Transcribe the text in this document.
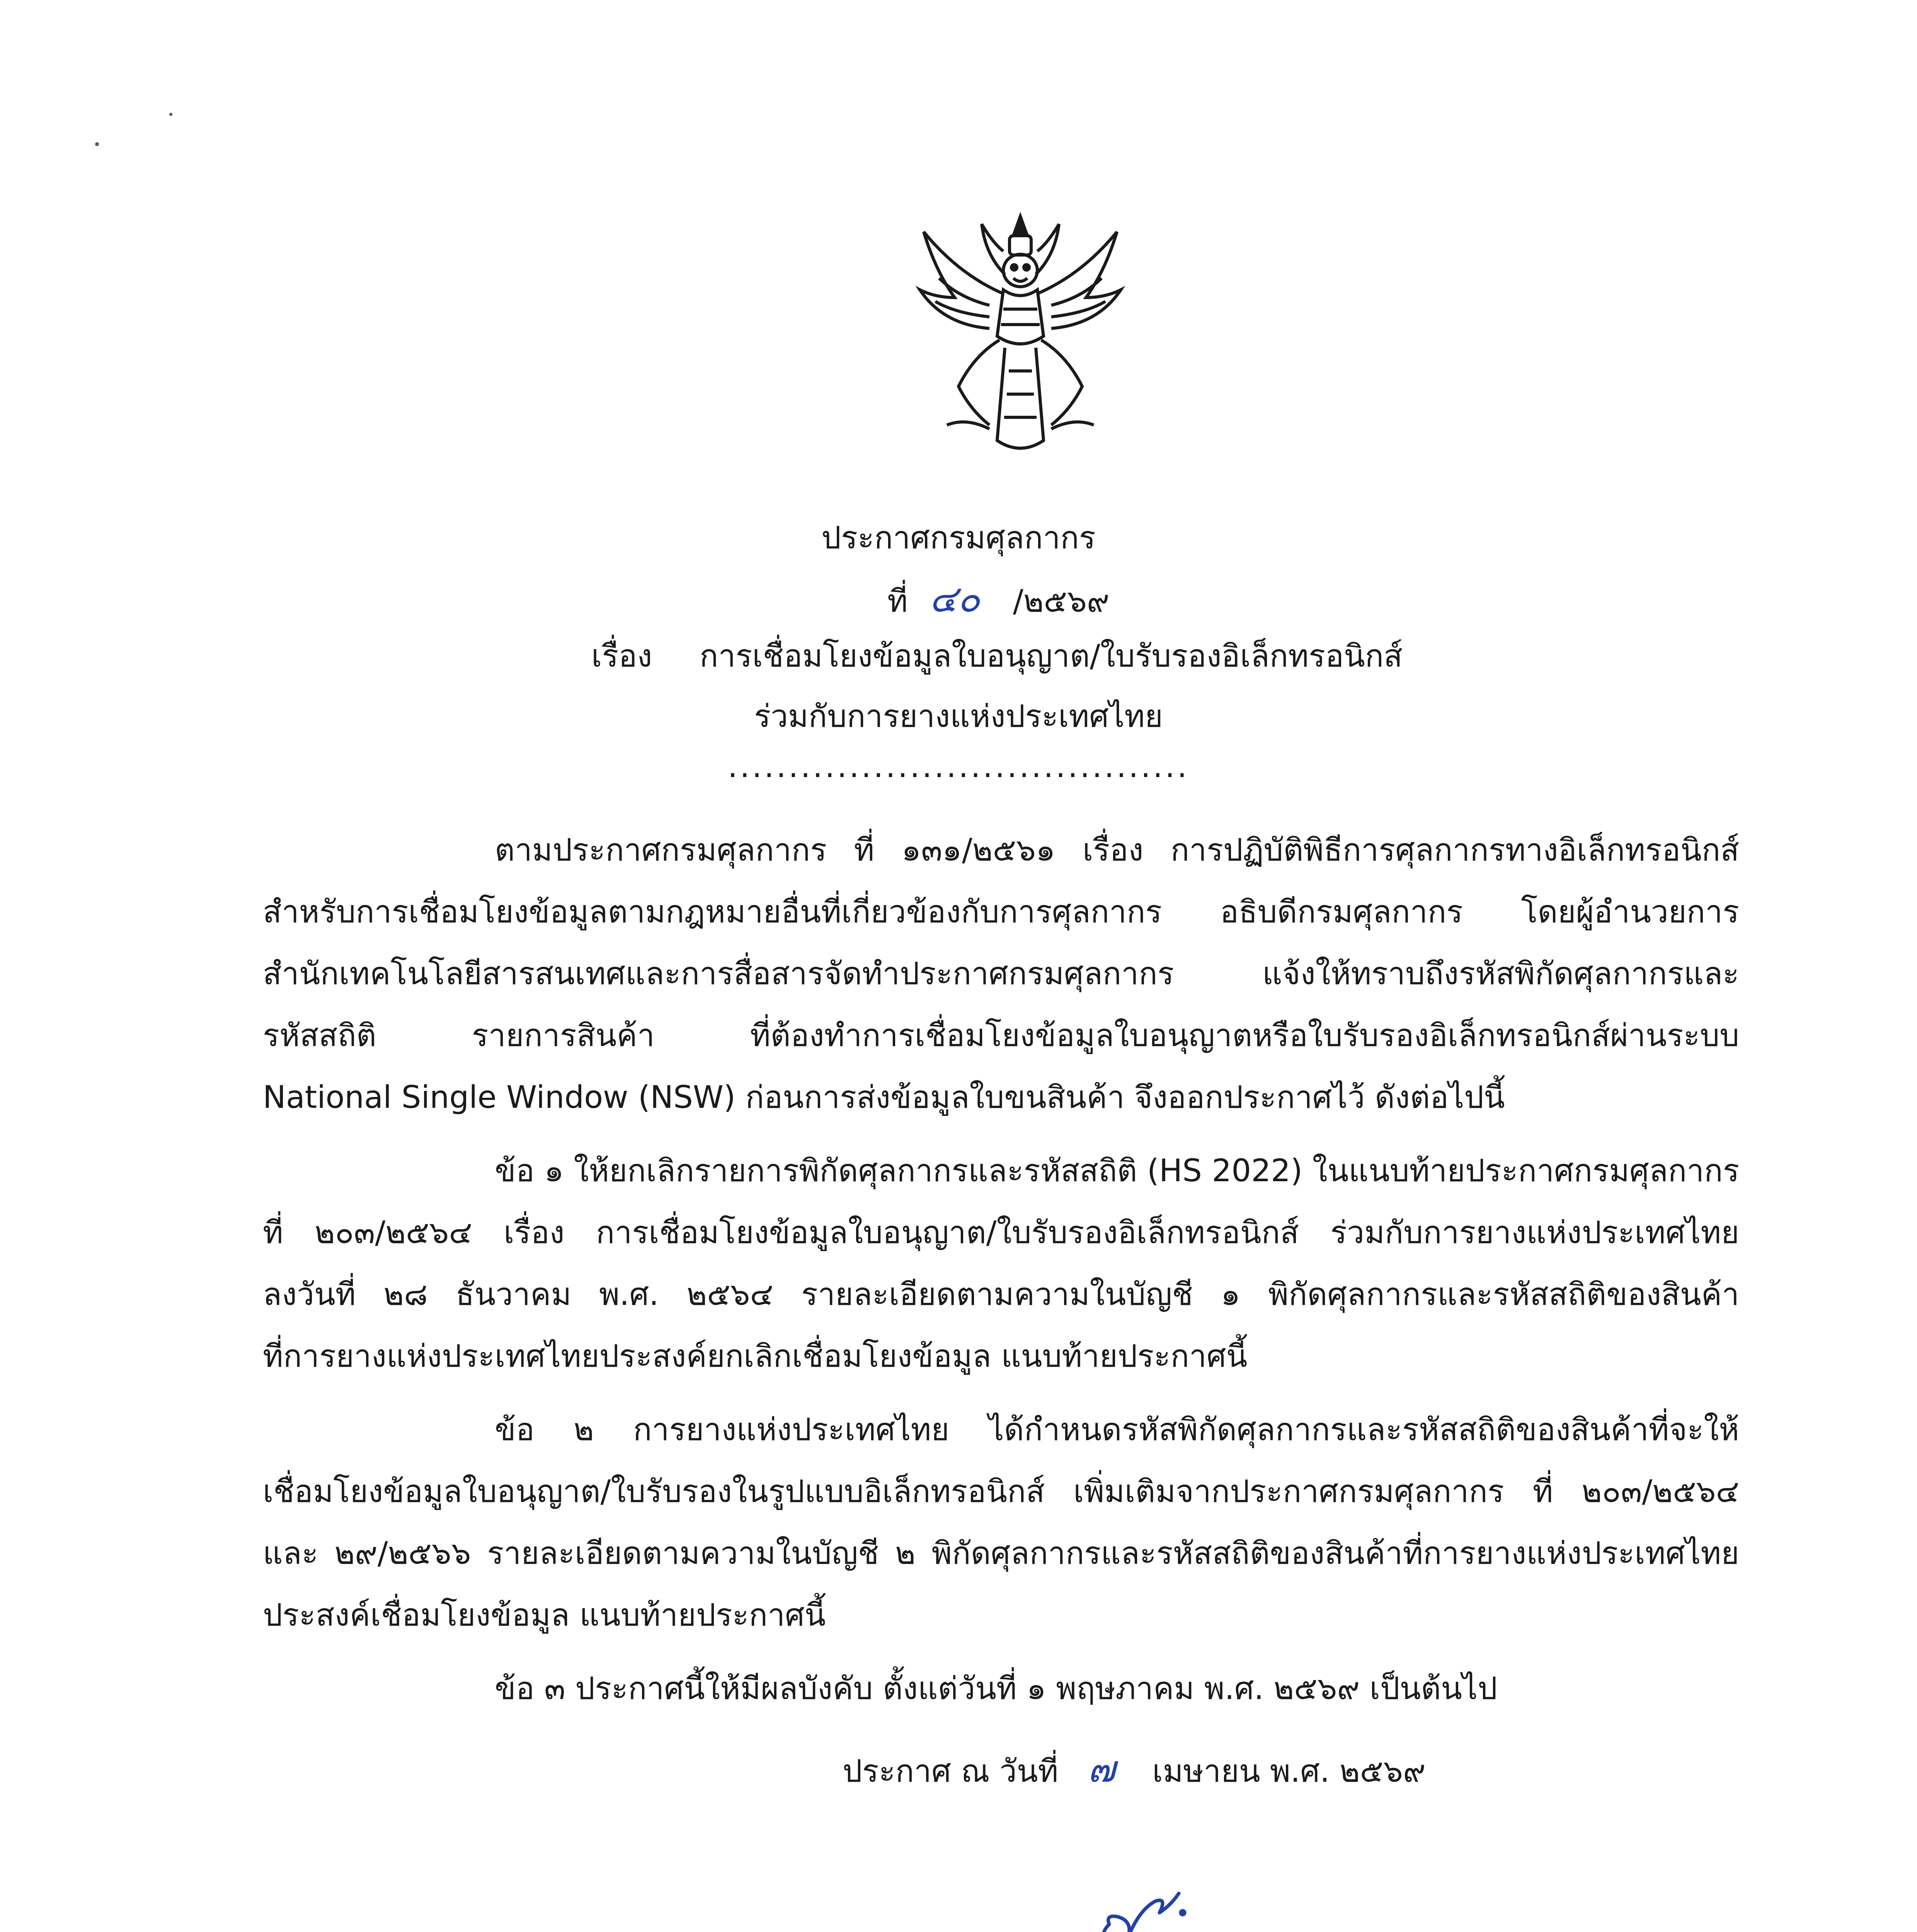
ประกาศกรมศุลกากร
ที่ ๔๐ /๒๕๖๙
เรื่อง การเชื่อมโยงข้อมูลใบอนุญาต/ใบรับรองอิเล็กทรอนิกส์
ร่วมกับการยางแห่งประเทศไทย
......................................
ตามประกาศกรมศุลกากร ที่ ๑๓๑/๒๕๖๑ เรื่อง การปฏิบัติพิธีการศุลกากรทางอิเล็กทรอนิกส์
สำหรับการเชื่อมโยงข้อมูลตามกฎหมายอื่นที่เกี่ยวข้องกับการศุลกากร อธิบดีกรมศุลกากร โดยผู้อำนวยการ
สำนักเทคโนโลยีสารสนเทศและการสื่อสารจัดทำประกาศกรมศุลกากร แจ้งให้ทราบถึงรหัสพิกัดศุลกากรและ
รหัสสถิติ รายการสินค้า ที่ต้องทำการเชื่อมโยงข้อมูลใบอนุญาตหรือใบรับรองอิเล็กทรอนิกส์ผ่านระบบ
National Single Window (NSW) ก่อนการส่งข้อมูลใบขนสินค้า จึงออกประกาศไว้ ดังต่อไปนี้
ข้อ ๑ ให้ยกเลิกรายการพิกัดศุลกากรและรหัสสถิติ (HS 2022) ในแนบท้ายประกาศกรมศุลกากร
ที่ ๒๐๓/๒๕๖๔ เรื่อง การเชื่อมโยงข้อมูลใบอนุญาต/ใบรับรองอิเล็กทรอนิกส์ ร่วมกับการยางแห่งประเทศไทย
ลงวันที่ ๒๘ ธันวาคม พ.ศ. ๒๕๖๔ รายละเอียดตามความในบัญชี ๑ พิกัดศุลกากรและรหัสสถิติของสินค้า
ที่การยางแห่งประเทศไทยประสงค์ยกเลิกเชื่อมโยงข้อมูล แนบท้ายประกาศนี้
ข้อ ๒ การยางแห่งประเทศไทย ได้กำหนดรหัสพิกัดศุลกากรและรหัสสถิติของสินค้าที่จะให้
เชื่อมโยงข้อมูลใบอนุญาต/ใบรับรองในรูปแบบอิเล็กทรอนิกส์ เพิ่มเติมจากประกาศกรมศุลกากร ที่ ๒๐๓/๒๕๖๔
และ ๒๙/๒๕๖๖ รายละเอียดตามความในบัญชี ๒ พิกัดศุลกากรและรหัสสถิติของสินค้าที่การยางแห่งประเทศไทย
ประสงค์เชื่อมโยงข้อมูล แนบท้ายประกาศนี้
ข้อ ๓ ประกาศนี้ให้มีผลบังคับ ตั้งแต่วันที่ ๑ พฤษภาคม พ.ศ. ๒๕๖๙ เป็นต้นไป
ประกาศ ณ วันที่ ๗ เมษายน พ.ศ. ๒๕๖๙
